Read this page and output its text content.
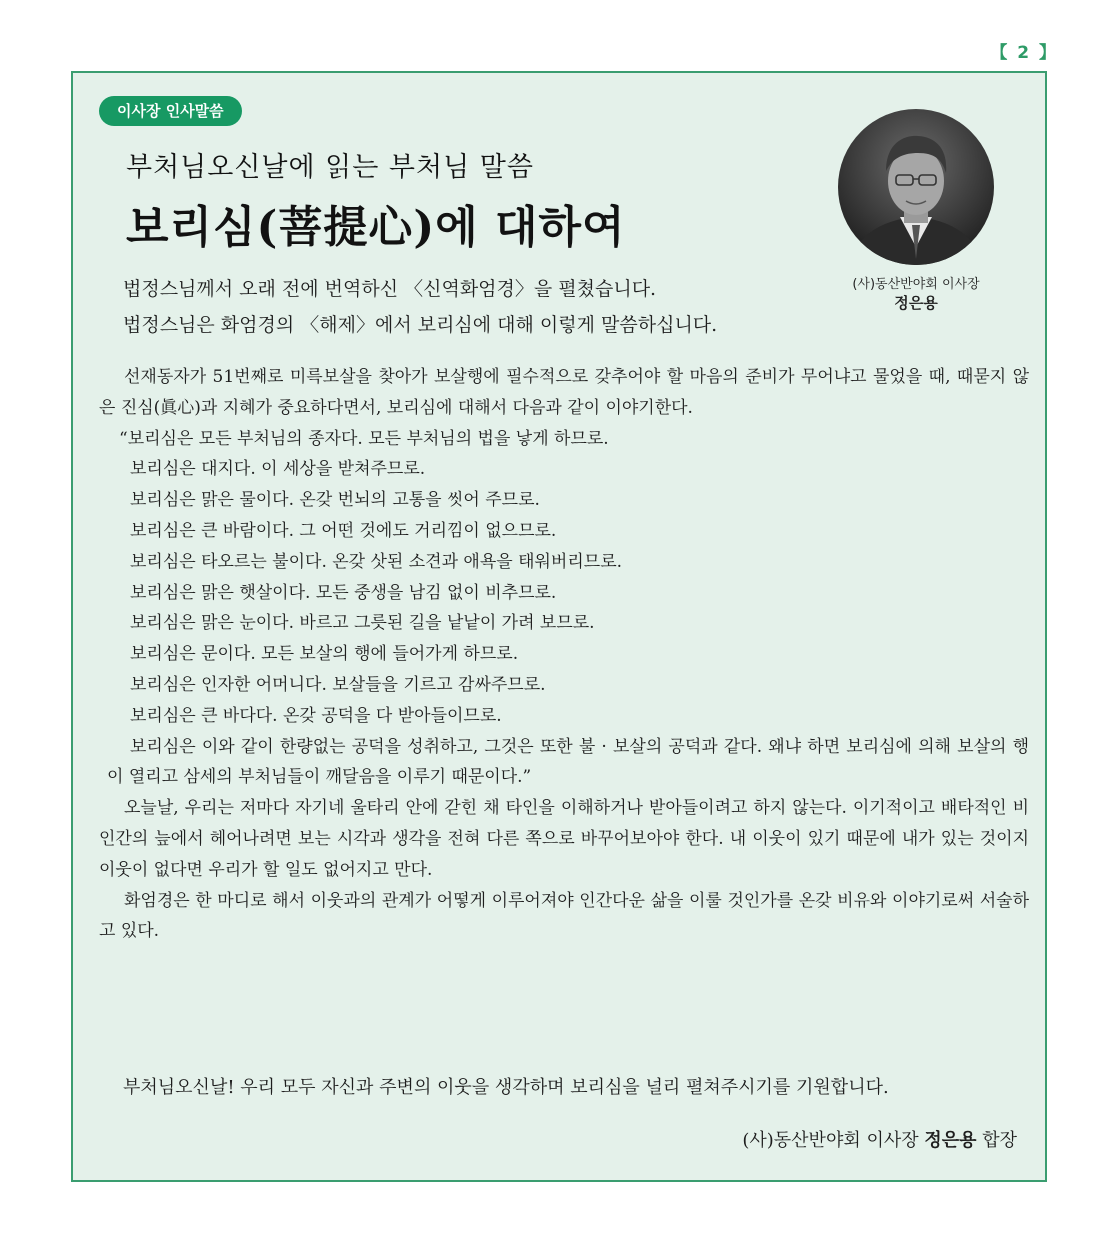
【 2 】
이사장 인사말씀
부처님오신날에 읽는 부처님 말씀
보리심(菩提心)에 대하여
(사)동산반야회 이사장
정은용
법정스님께서 오래 전에 번역하신 〈신역화엄경〉을 펼쳤습니다.
법정스님은 화엄경의 〈해제〉에서 보리심에 대해 이렇게 말씀하십니다.

선재동자가 51번째로 미륵보살을 찾아가 보살행에 필수적으로 갖추어야 할 마음의 준비가 무어냐고 물었을 때, 때묻지 않은 진심(眞心)과 지혜가 중요하다면서, 보리심에 대해서 다음과 같이 이야기한다.

“보리심은 모든 부처님의 종자다. 모든 부처님의 법을 낳게 하므로.

보리심은 대지다. 이 세상을 받쳐주므로.

보리심은 맑은 물이다. 온갖 번뇌의 고통을 씻어 주므로.

보리심은 큰 바람이다. 그 어떤 것에도 거리낌이 없으므로.

보리심은 타오르는 불이다. 온갖 삿된 소견과 애욕을 태워버리므로.

보리심은 맑은 햇살이다. 모든 중생을 남김 없이 비추므로.

보리심은 맑은 눈이다. 바르고 그릇된 길을 낱낱이 가려 보므로.

보리심은 문이다. 모든 보살의 행에 들어가게 하므로.

보리심은 인자한 어머니다. 보살들을 기르고 감싸주므로.

보리심은 큰 바다다. 온갖 공덕을 다 받아들이므로.

보리심은 이와 같이 한량없는 공덕을 성취하고, 그것은 또한 불 · 보살의 공덕과 같다. 왜냐 하면 보리심에 의해 보살의 행이 열리고 삼세의 부처님들이 깨달음을 이루기 때문이다.”

오늘날, 우리는 저마다 자기네 울타리 안에 갇힌 채 타인을 이해하거나 받아들이려고 하지 않는다. 이기적이고 배타적인 비인간의 늪에서 헤어나려면 보는 시각과 생각을 전혀 다른 쪽으로 바꾸어보아야 한다. 내 이웃이 있기 때문에 내가 있는 것이지 이웃이 없다면 우리가 할 일도 없어지고 만다.

화엄경은 한 마디로 해서 이웃과의 관계가 어떻게 이루어져야 인간다운 삶을 이룰 것인가를 온갖 비유와 이야기로써 서술하고 있다.

부처님오신날! 우리 모두 자신과 주변의 이웃을 생각하며 보리심을 널리 펼쳐주시기를 기원합니다.
(사)동산반야회 이사장 정은용 합장
